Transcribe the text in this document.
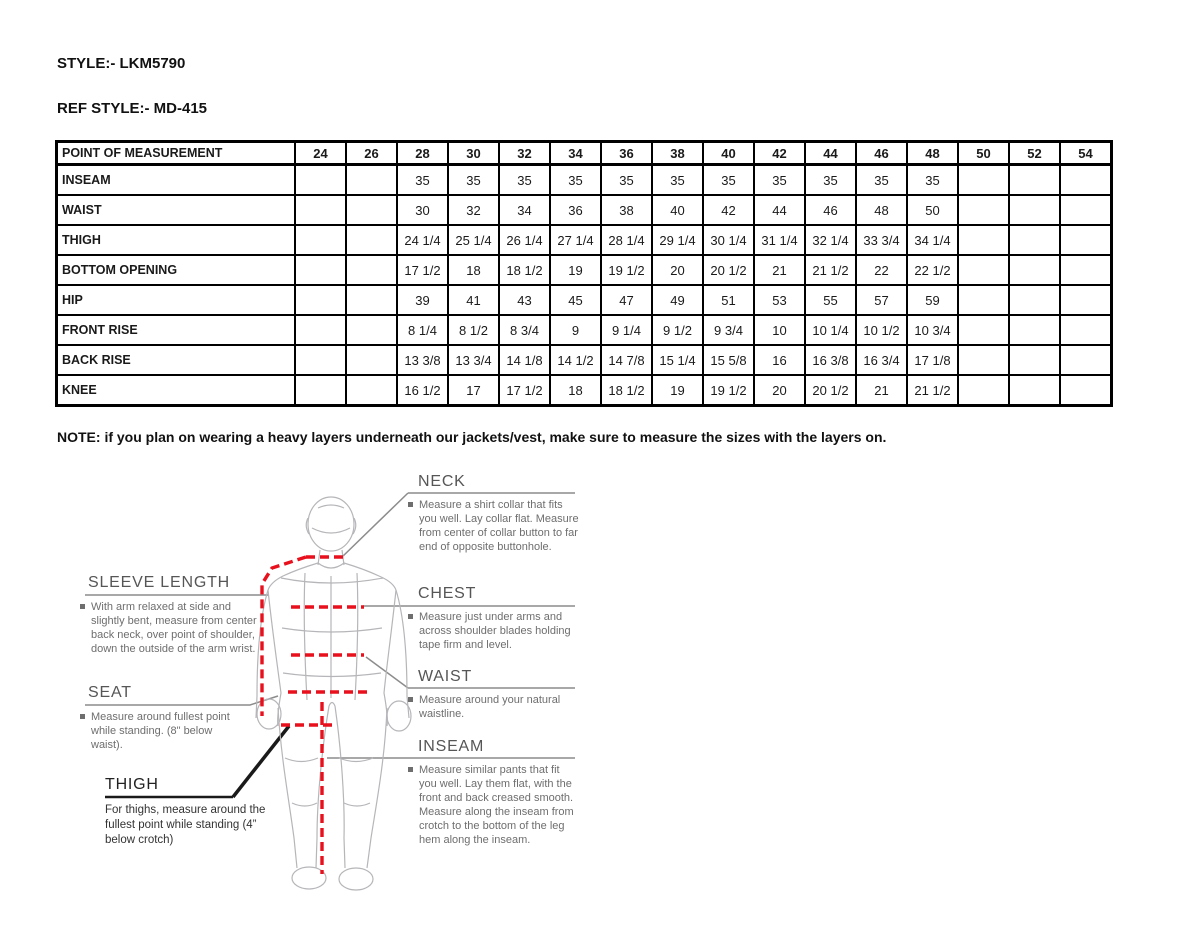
STYLE:- LKM5790
REF STYLE:- MD-415
POINT OF MEASUREMENT	24	26	28	30	32	34	36	38	40	42	44	46	48	50	52	54
INSEAM			35	35	35	35	35	35	35	35	35	35	35			
WAIST			30	32	34	36	38	40	42	44	46	48	50			
THIGH			24 1/4	25 1/4	26 1/4	27 1/4	28 1/4	29 1/4	30 1/4	31 1/4	32 1/4	33 3/4	34 1/4			
BOTTOM OPENING			17 1/2	18	18 1/2	19	19 1/2	20	20 1/2	21	21 1/2	22	22 1/2			
HIP			39	41	43	45	47	49	51	53	55	57	59			
FRONT RISE			8 1/4	8 1/2	8 3/4	9	9 1/4	9 1/2	9 3/4	10	10 1/4	10 1/2	10 3/4			
BACK RISE			13 3/8	13 3/4	14 1/8	14 1/2	14 7/8	15 1/4	15 5/8	16	16 3/8	16 3/4	17 1/8			
KNEE			16 1/2	17	17 1/2	18	18 1/2	19	19 1/2	20	20 1/2	21	21 1/2			
NOTE: if you plan on wearing a heavy layers underneath our jackets/vest, make sure to measure the sizes with the layers on.
NECK
Measure a shirt collar that fits you well. Lay collar flat. Measure from center of collar button to far end of opposite buttonhole.
CHEST
Measure just under arms and across shoulder blades holding tape firm and level.
WAIST
Measure around your natural waistline.
INSEAM
Measure similar pants that fit you well. Lay them flat, with the front and back creased smooth. Measure along the inseam from crotch to the bottom of the leg hem along the inseam.
SLEEVE LENGTH
With arm relaxed at side and slightly bent, measure from center back neck, over point of shoulder, down the outside of the arm wrist.
SEAT
Measure around fullest point while standing. (8" below waist).
THIGH
For thighs, measure around the fullest point while standing (4” below crotch)
